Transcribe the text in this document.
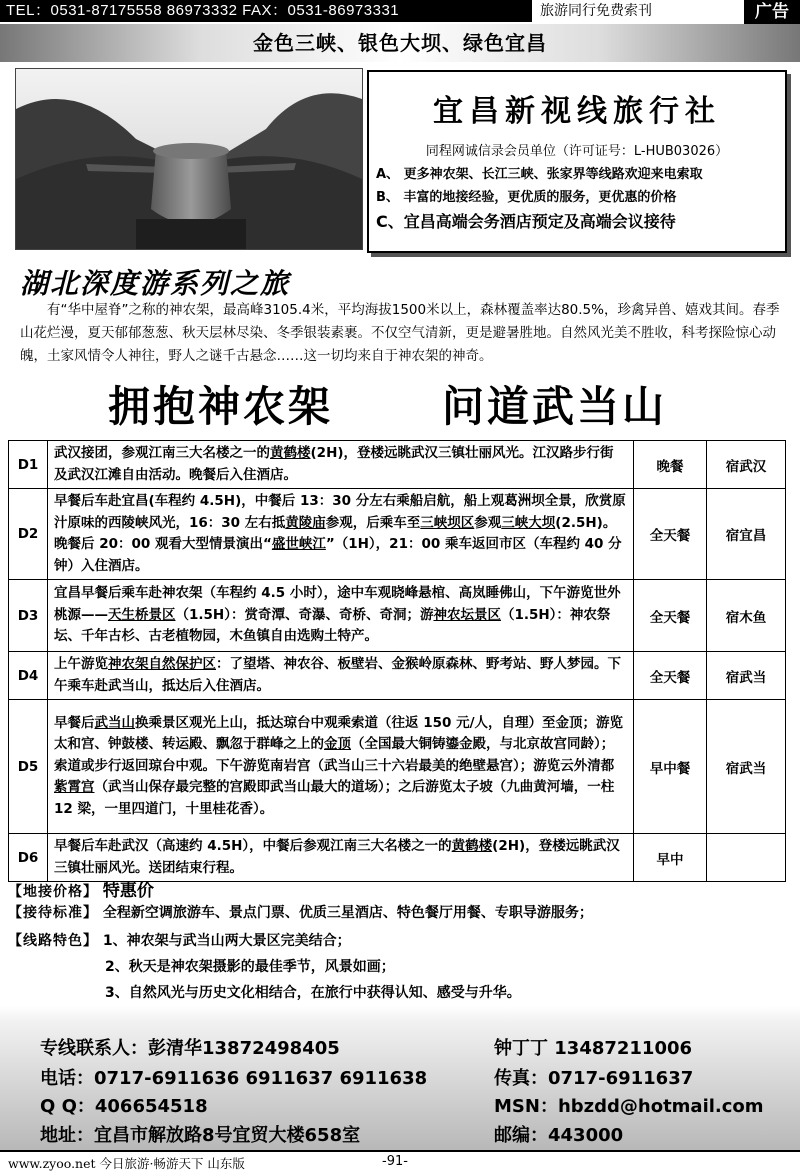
TEL：0531-87175558 86973332 FAX：0531-86973331	旅游同行免费索刊	广告
金色三峡、银色大坝、绿色宜昌
宜昌新视线旅行社
同程网诚信录会员单位（许可证号：L-HUB03026）
A、 更多神农架、长江三峡、张家界等线路欢迎来电索取
B、 丰富的地接经验，更优质的服务，更优惠的价格
C、宜昌高端会务酒店预定及高端会议接待
湖北深度游系列之旅
有“华中屋脊”之称的神农架，最高峰3105.4米，平均海拔1500米以上，森林覆盖率达80.5%，珍禽异兽、嬉戏其间。春季山花烂漫，夏天郁郁葱葱、秋天层林尽染、冬季银装素裹。不仅空气清新，更是避暑胜地。自然风光美不胜收，科考探险惊心动魄，土家风情令人神往，野人之谜千古悬念……这一切均来自于神农架的神奇。
拥抱神农架	问道武当山
D1	武汉接团，参观江南三大名楼之一的黄鹤楼(2H)，登楼远眺武汉三镇壮丽风光。江汉路步行街及武汉江滩自由活动。晚餐后入住酒店。	晚餐	宿武汉
D2	早餐后车赴宜昌(车程约 4.5H)，中餐后 13：30 分左右乘船启航，船上观葛洲坝全景，欣赏原汁原味的西陵峡风光，16：30 左右抵黄陵庙参观，后乘车至三峡坝区参观三峡大坝(2.5H)。晚餐后 20：00 观看大型情景演出“盛世峡江”（1H），21：00 乘车返回市区（车程约 40 分钟）入住酒店。	全天餐	宿宜昌
D3	宜昌早餐后乘车赴神农架（车程约 4.5 小时），途中车观晓峰悬棺、高岚睡佛山，下午游览世外桃源——天生桥景区（1.5H）：赏奇潭、奇瀑、奇桥、奇洞；游神农坛景区（1.5H）：神农祭坛、千年古杉、古老植物园，木鱼镇自由选购土特产。	全天餐	宿木鱼
D4	上午游览神农架自然保护区：了望塔、神农谷、板壁岩、金猴岭原森林、野考站、野人梦园。下午乘车赴武当山，抵达后入住酒店。	全天餐	宿武当
D5	早餐后武当山换乘景区观光上山，抵达琼台中观乘索道（往返 150 元/人，自理）至金顶；游览太和宫、钟鼓楼、转运殿、飘忽于群峰之上的金顶（全国最大铜铸鎏金殿，与北京故宫同龄）；索道或步行返回琼台中观。下午游览南岩宫（武当山三十六岩最美的绝壁悬宫）；游览云外清都紫霄宫（武当山保存最完整的宫殿即武当山最大的道场）；之后游览太子坡（九曲黄河墙，一柱 12 梁，一里四道门，十里桂花香）。	早中餐	宿武当
D6	早餐后车赴武汉（高速约 4.5H），中餐后参观江南三大名楼之一的黄鹤楼(2H)，登楼远眺武汉三镇壮丽风光。送团结束行程。	早中	
【地接价格】 特惠价
【接待标准】 全程新空调旅游车、景点门票、优质三星酒店、特色餐厅用餐、专职导游服务；
【线路特色】 1、神农架与武当山两大景区完美结合；
2、秋天是神农架摄影的最佳季节，风景如画；
3、自然风光与历史文化相结合，在旅行中获得认知、感受与升华。
专线联系人：彭清华13872498405	钟丁丁 13487211006
电话：0717-6911636 6911637 6911638	传真：0717-6911637
Q Q：406654518	MSN：hbzdd@hotmail.com
地址：宜昌市解放路8号宜贸大楼658室	邮编：443000
www.zyoo.net 今日旅游·畅游天下 山东版	-91-
